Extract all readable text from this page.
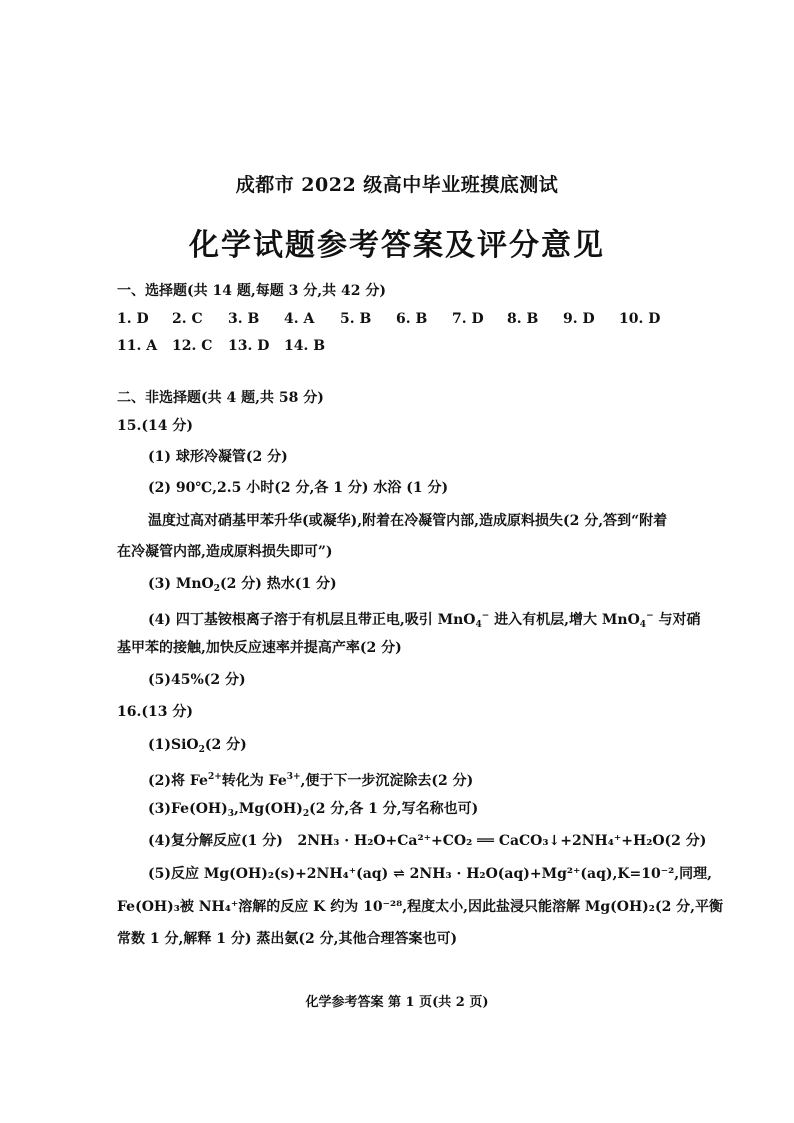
成都市 2022 级高中毕业班摸底测试
化学试题参考答案及评分意见
一、选择题(共 14 题,每题 3 分,共 42 分)
1. D 2. C 3. B 4. A 5. B 6. B 7. D 8. B 9. D 10. D
11. A 12. C 13. D 14. B
二、非选择题(共 4 题,共 58 分)
15.(14 分)
(1) 球形冷凝管(2 分)
(2) 90℃,2.5 小时(2 分,各 1 分) 水浴 (1 分)
温度过高对硝基甲苯升华(或凝华),附着在冷凝管内部,造成原料损失(2 分,答到“附着
在冷凝管内部,造成原料损失即可”)
(3) MnO$_2$(2 分) 热水(1 分)
(4) 四丁基铵根离子溶于有机层且带正电,吸引 MnO$_4$− 进入有机层,增大 MnO$_4$− 与对硝
基甲苯的接触,加快反应速率并提高产率(2 分)
(5)45%(2 分)
16.(13 分)
(1)SiO$_2$(2 分)
(2)将 $Fe^{2+}$转化为 $Fe^{3+}$,便于下一步沉淀除去(2 分)
$(3)Fe(OH)_3,Mg(OH)_2(2$ 分,各 1 分,写名称也可)
(4)复分解反应(1 分) 2NH₃ · H₂O+Ca²⁺+CO₂ ══ CaCO₃↓+2NH₄⁺+H₂O(2 分)
(5)反应 Mg(OH)₂(s)+2NH₄⁺(aq) ⇌ 2NH₃ · H₂O(aq)+Mg²⁺(aq),K=10⁻²,同理,
Fe(OH)₃被 NH₄⁺溶解的反应 K 约为 10⁻²⁸,程度太小,因此盐浸只能溶解 Mg(OH)₂(2 分,平衡
常数 1 分,解释 1 分) 蒸出氨(2 分,其他合理答案也可)
化学参考答案 第 1 页(共 2 页)
